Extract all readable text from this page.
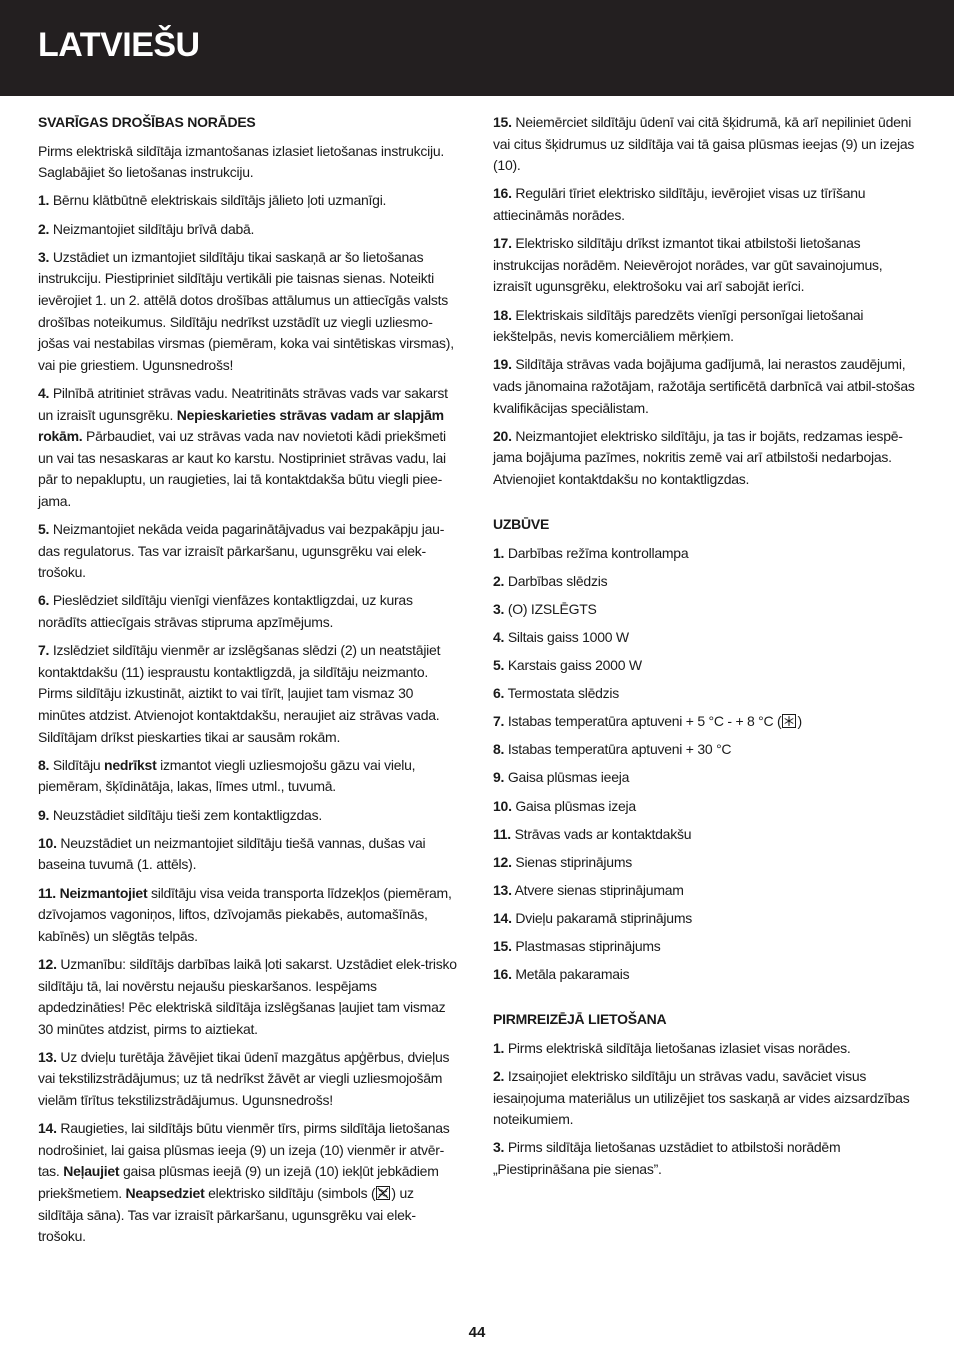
LATVIEŠU
SVARĪGAS DROŠĪBAS NORĀDES

Pirms elektriskā sildītāja izmantošanas izlasiet lietošanas instrukciju. Saglabājiet šo lietošanas instrukciju.

1. Bērnu klātbūtnē elektriskais sildītājs jālieto ļoti uzmanīgi.

2. Neizmantojiet sildītāju brīvā dabā.

3. Uzstādiet un izmantojiet sildītāju tikai saskaņā ar šo lietošanas instrukciju. Piestipriniet sildītāju vertikāli pie taisnas sienas. Noteikti ievērojiet 1. un 2. attēlā dotos drošības attālumus un attiecīgās valsts drošības noteikumus. Sildītāju nedrīkst uzstādīt uz viegli uzliesmo-jošas vai nestabilas virsmas (piemēram, koka vai sintētiskas virsmas), vai pie griestiem. Ugunsnedrošs!

4. Pilnībā atritiniet strāvas vadu. Neatritināts strāvas vads var sakarst un izraisīt ugunsgrēku. Nepieskarieties strāvas vadam ar slapjām rokām. Pārbaudiet, vai uz strāvas vada nav novietoti kādi priekšmeti un vai tas nesaskaras ar kaut ko karstu. Nostipriniet strāvas vadu, lai pār to nepakluptu, un raugieties, lai tā kontaktdakša būtu viegli piee-jama.

5. Neizmantojiet nekāda veida pagarinātājvadus vai bezpakāpju jau-das regulatorus. Tas var izraisīt pārkaršanu, ugunsgrēku vai elek-trošoku.

6. Pieslēdziet sildītāju vienīgi vienfāzes kontaktligzdai, uz kuras norādīts attiecīgais strāvas stipruma apzīmējums.

7. Izslēdziet sildītāju vienmēr ar izslēgšanas slēdzi (2) un neatstājiet kontaktdakšu (11) iespraustu kontaktligzdā, ja sildītāju neizmanto. Pirms sildītāju izkustināt, aiztikt to vai tīrīt, ļaujiet tam vismaz 30 minūtes atdzist. Atvienojot kontaktdakšu, neraujiet aiz strāvas vada. Sildītājam drīkst pieskarties tikai ar sausām rokām.

8. Sildītāju nedrīkst izmantot viegli uzliesmojošu gāzu vai vielu, piemēram, šķīdinātāja, lakas, līmes utml., tuvumā.

9. Neuzstādiet sildītāju tieši zem kontaktligzdas.

10. Neuzstādiet un neizmantojiet sildītāju tiešā vannas, dušas vai baseina tuvumā (1. attēls).

11. Neizmantojiet sildītāju visa veida transporta līdzekļos (piemēram, dzīvojamos vagoniņos, liftos, dzīvojamās piekabēs, automašīnās, kabīnēs) un slēgtās telpās.

12. Uzmanību: sildītājs darbības laikā ļoti sakarst. Uzstādiet elek-trisko sildītāju tā, lai novērstu nejaušu pieskaršanos. Iespējams apdedzināties! Pēc elektriskā sildītāja izslēgšanas ļaujiet tam vismaz 30 minūtes atdzist, pirms to aiztiekat.

13. Uz dvieļu turētāja žāvējiet tikai ūdenī mazgātus apģērbus, dvieļus vai tekstilizstrādājumus; uz tā nedrīkst žāvēt ar viegli uzliesmojošām vielām tīrītus tekstilizstrādājumus. Ugunsnedrošs!

14. Raugieties, lai sildītājs būtu vienmēr tīrs, pirms sildītāja lietošanas nodrošiniet, lai gaisa plūsmas ieeja (9) un izeja (10) vienmēr ir atvēr-tas. Neļaujiet gaisa plūsmas ieejā (9) un izejā (10) iekļūt jebkādiem priekšmetiem. Neapsedziet elektrisko sildītāju (simbols ( ) uz sildītāja sāna). Tas var izraisīt pārkaršanu, ugunsgrēku vai elek-trošoku.

15. Neiemērciet sildītāju ūdenī vai citā šķidrumā, kā arī nepiliniet ūdeni vai citus šķidrumus uz sildītāja vai tā gaisa plūsmas ieejas (9) un izejas (10).

16. Regulāri tīriet elektrisko sildītāju, ievērojiet visas uz tīrīšanu attiecināmās norādes.

17. Elektrisko sildītāju drīkst izmantot tikai atbilstoši lietošanas instrukcijas norādēm. Neievērojot norādes, var gūt savainojumus, izraisīt ugunsgrēku, elektrošoku vai arī sabojāt ierīci.

18. Elektriskais sildītājs paredzēts vienīgi personīgai lietošanai iekštelpās, nevis komerciāliem mērķiem.

19. Sildītāja strāvas vada bojājuma gadījumā, lai nerastos zaudējumi, vads jānomaina ražotājam, ražotāja sertificētā darbnīcā vai atbil-stošas kvalifikācijas speciālistam.

20. Neizmantojiet elektrisko sildītāju, ja tas ir bojāts, redzamas iespē-jama bojājuma pazīmes, nokritis zemē vai arī atbilstoši nedarbojas. Atvienojiet kontaktdakšu no kontaktligzdas.

UZBŪVE

1. Darbības režīma kontrollampa

2. Darbības slēdzis

3. (O) IZSLĒGTS

4. Siltais gaiss 1000 W

5. Karstais gaiss 2000 W

6. Termostata slēdzis

7. Istabas temperatūra aptuveni + 5 °C - + 8 °C ( )

8. Istabas temperatūra aptuveni + 30 °C

9. Gaisa plūsmas ieeja

10. Gaisa plūsmas izeja

11. Strāvas vads ar kontaktdakšu

12. Sienas stiprinājums

13. Atvere sienas stiprinājumam

14. Dvieļu pakaramā stiprinājums

15. Plastmasas stiprinājums

16. Metāla pakaramais

PIRMREIZĒJĀ LIETOŠANA

1. Pirms elektriskā sildītāja lietošanas izlasiet visas norādes.

2. Izsaiņojiet elektrisko sildītāju un strāvas vadu, savāciet visus iesaiņojuma materiālus un utilizējiet tos saskaņā ar vides aizsardzības noteikumiem.

3. Pirms sildītāja lietošanas uzstādiet to atbilstoši norādēm „Piestiprināšana pie sienas”.

44
